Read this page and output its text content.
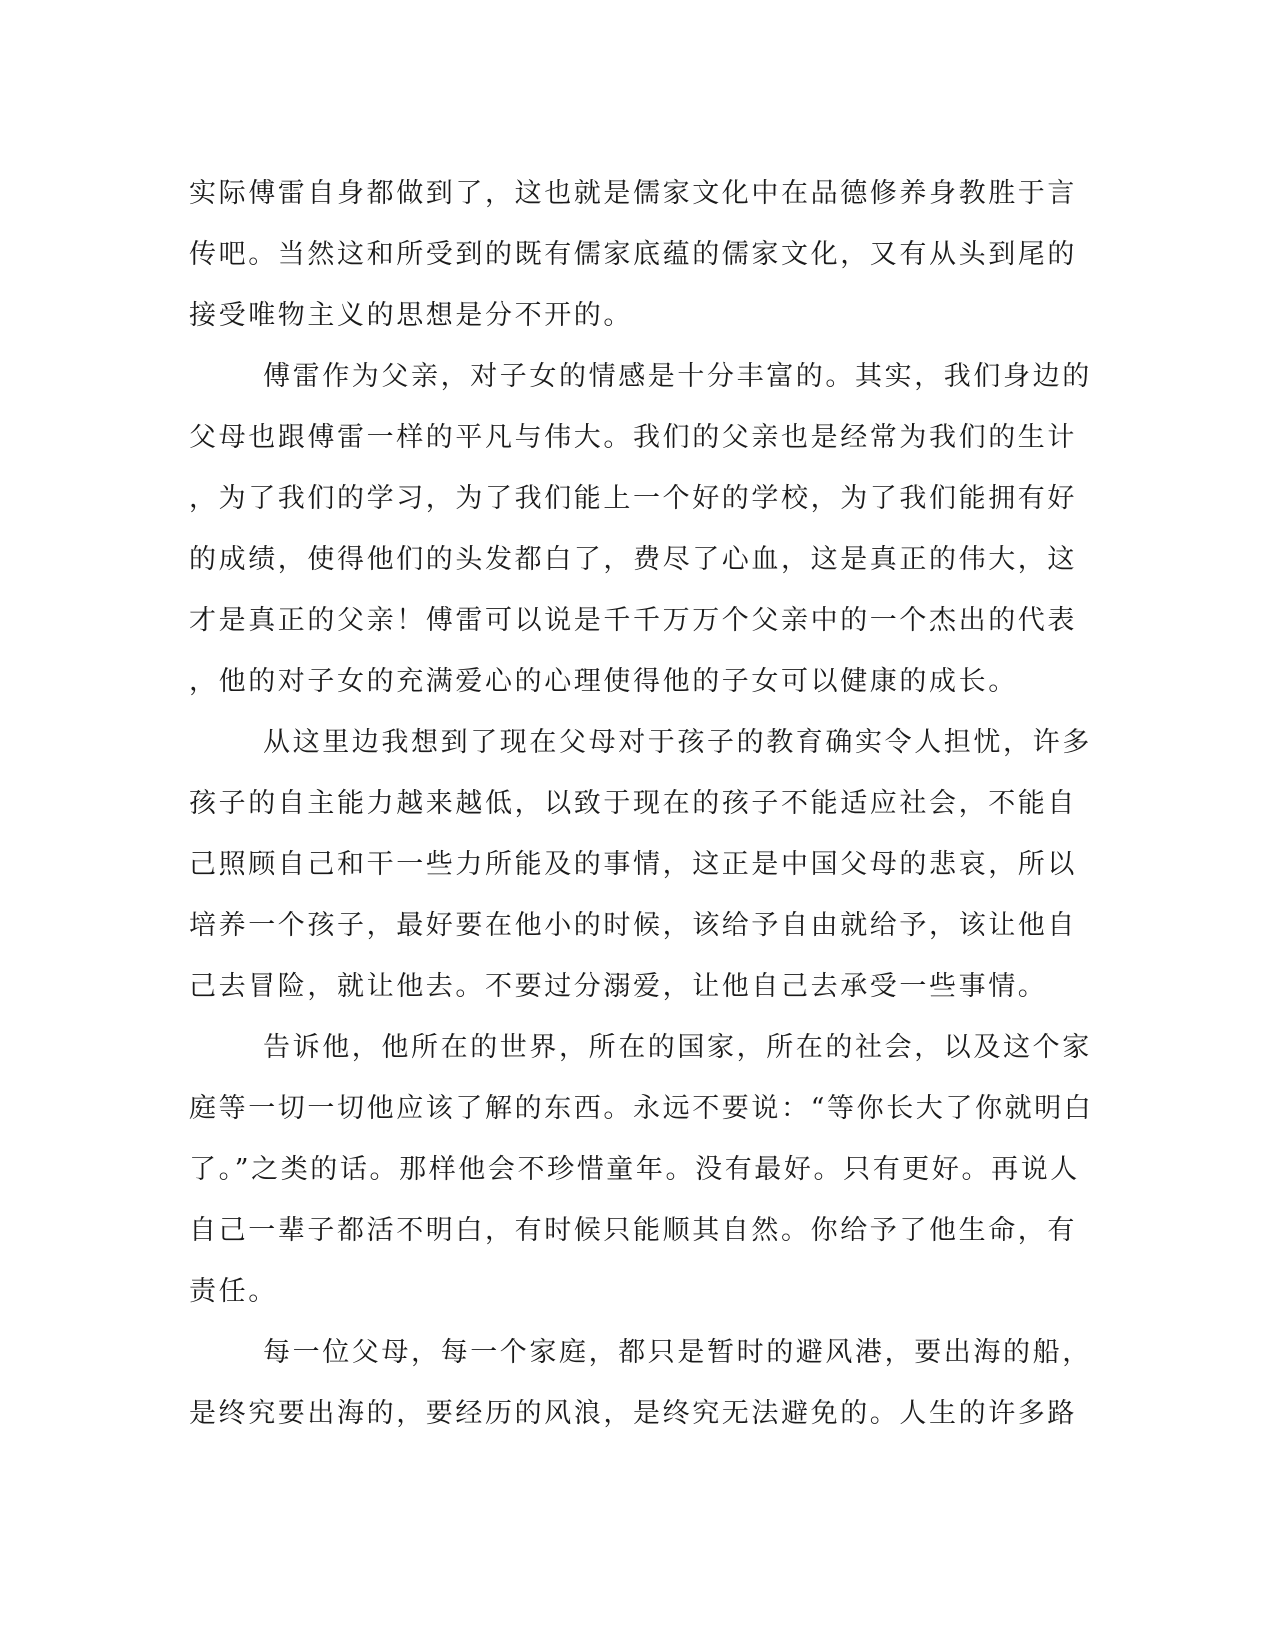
实际傅雷自身都做到了，这也就是儒家文化中在品德修养身教胜于言
传吧。当然这和所受到的既有儒家底蕴的儒家文化，又有从头到尾的
接受唯物主义的思想是分不开的。
傅雷作为父亲，对子女的情感是十分丰富的。其实，我们身边的
父母也跟傅雷一样的平凡与伟大。我们的父亲也是经常为我们的生计
，为了我们的学习，为了我们能上一个好的学校，为了我们能拥有好
的成绩，使得他们的头发都白了，费尽了心血，这是真正的伟大，这
才是真正的父亲！傅雷可以说是千千万万个父亲中的一个杰出的代表
，他的对子女的充满爱心的心理使得他的子女可以健康的成长。
从这里边我想到了现在父母对于孩子的教育确实令人担忧，许多
孩子的自主能力越来越低，以致于现在的孩子不能适应社会，不能自
己照顾自己和干一些力所能及的事情，这正是中国父母的悲哀，所以
培养一个孩子，最好要在他小的时候，该给予自由就给予，该让他自
己去冒险，就让他去。不要过分溺爱，让他自己去承受一些事情。
告诉他，他所在的世界，所在的国家，所在的社会，以及这个家
庭等一切一切他应该了解的东西。永远不要说：“等你长大了你就明白
了。”之类的话。那样他会不珍惜童年。没有最好。只有更好。再说人
自己一辈子都活不明白，有时候只能顺其自然。你给予了他生命，有
责任。
每一位父母，每一个家庭，都只是暂时的避风港，要出海的船，
是终究要出海的，要经历的风浪，是终究无法避免的。人生的许多路
